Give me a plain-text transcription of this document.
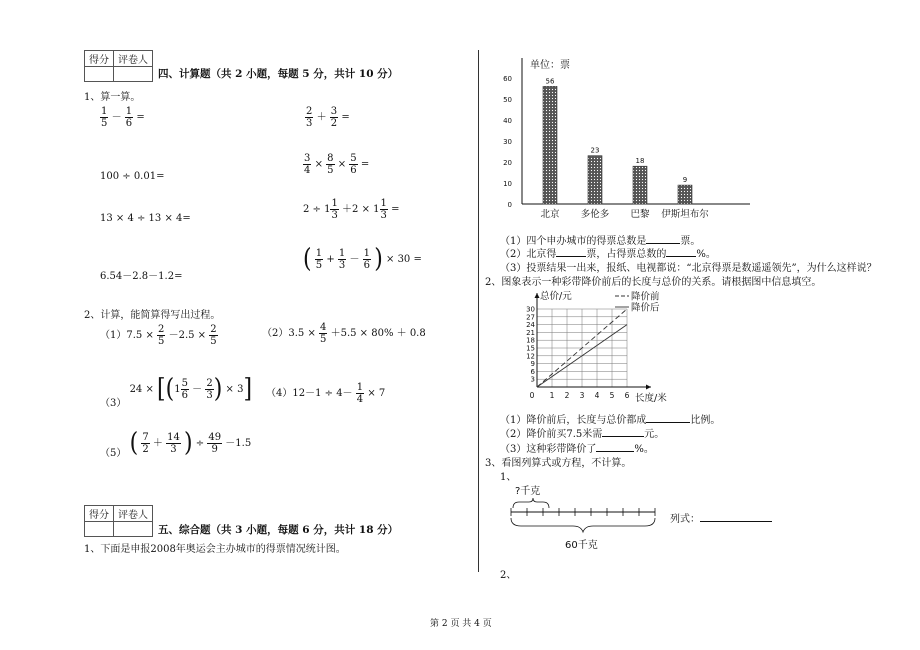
得分	评卷人

四、计算题（共 2 小题，每题 5 分，共计 10 分）
1、算一算。
$\frac{1}{5} - \frac{1}{6}$ =	$\frac{2}{3} + \frac{3}{2}$ =
$\frac{3}{4} \times \frac{8}{5} \times \frac{5}{6}$ =
100 ÷ 0.01=
$2 \div 1 \frac{1}{3} +2 \times 1 \frac{1}{3}$ =
13 × 4 ÷ 13 × 4=
( $\frac{1}{5} + \frac{1}{3} - \frac{1}{6}$ ) × 30 =
6.54－2.8－1.2=
2、计算，能简算得写出过程。
$(1)7.5 \times \frac{2}{5} -2.5 \times \frac{2}{5}$	$(2)3.5 \times \frac{4}{5} +5.5 \times 80\% + 0.8$
（3） $24 \times [(1 \frac{5}{6} - \frac{2}{3}$ ) × 3] $(4)12-1 \div 4- \frac{1}{4} \times 7$
（5） ( $\frac{7}{2} + \frac{14}{3}$ ) ÷ $\frac{49}{9} -1.5$
得分	评卷人

五、综合题（共 3 小题，每题 6 分，共计 18 分）
1、下面是申报2008年奥运会主办城市的得票情况统计图。
单位：票
0
10
20
30
40
50
60	56
北京
23
多伦多
18
巴黎
9
伊斯坦布尔
（1）四个申办城市的得票总数是	票。
（2）北京得	票，占得票总数的	%。
（3）投票结果一出来，报纸、电视都说：“北京得票是数遥遥领先”，为什么这样说？
2、图象表示一种彩带降价前后的长度与总价的关系。请根据图中信息填空。
总价/元
长度/米
3
6
9
12
15
18
21
24
27
30
0 1 2 3 4 5 6
降价前
降价后
（1）降价前后，长度与总价都成	比例。
（2）降价前买7.5米需	元。
（3）这种彩带降价了	%。
3、看图列算式或方程，不计算。
1、
?千克
60千克
列式：
2、
第 2 页 共 4 页
